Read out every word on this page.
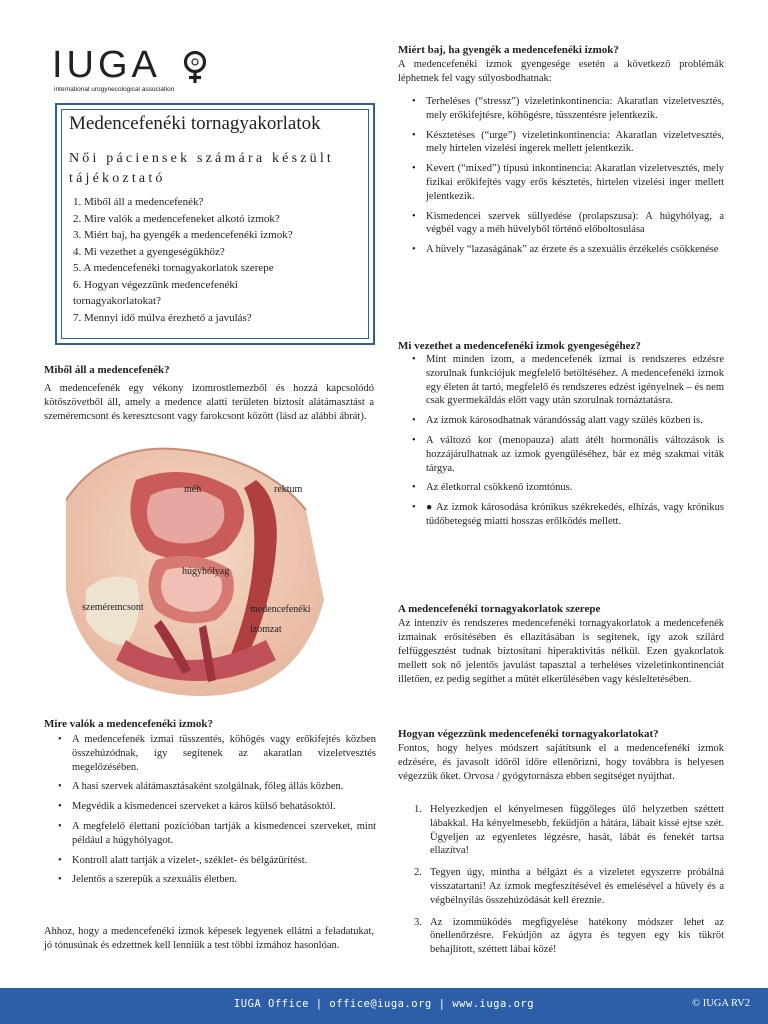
IUGA
international urogynecological association
Medencefenéki tornagyakorlatok
Női páciensek számára készült tájékoztató
1. Miből áll a medencefenék?
2. Mire valók a medencefeneket alkotó izmok?
3. Miért baj, ha gyengék a medencefenéki izmok?
4. Mi vezethet a gyengeségükhöz?
5. A medencefenéki tornagyakorlatok szerepe
6. Hogyan végezzünk medencefenéki
tornagyakorlatokat?
7. Mennyi idő múlva érezhető a javulás?
Miből áll a medencefenék?

A medencefenék egy vékony izomrostlemezből és hozzá kapcsolódó kötőszövetből áll, amely a medence alatti területen biztosít alátámasztást a szeméremcsont és keresztcsont vagy farokcsont között (lásd az alábbi ábrát).

méh	rektum
húgyhólyag
szeméremcsont	medencefenéki
izomzat
Mire valók a medencefenéki izmok?
• A medencefenék izmai tüsszentés, köhögés vagy erőkifejtés közben összehúzódnak, így segítenek az akaratlan vizeletvesztés megelőzésében.
• A hasi szervek alátámasztásaként szolgálnak, főleg állás közben.
• Megvédik a kismedencei szerveket a káros külső behatásoktól.
• A megfelelő élettani pozícióban tartják a kismedencei szerveket, mint például a húgyhólyagot.
• Kontroll alatt tartják a vizelet-, széklet- és bélgázürítést.
• Jelentős a szerepük a szexuális életben.

Ahhoz, hogy a medencefenéki izmok képesek legyenek ellátni a feladatukat, jó tónusúnak és edzettnek kell lenniük a test többi izmához hasonlóan.

Miért baj, ha gyengék a medencefenéki izmok?

A medencefenéki izmok gyengesége esetén a következő problémák léphetnek fel vagy súlyosbodhatnak:

• Terheléses (“stressz”) vizeletinkontinencia: Akaratlan vizeletvesztés, mely erőkifejtésre, köhögésre, tüsszentésre jelentkezik.
• Késztetéses (“urge”) vizeletinkontinencia: Akaratlan vizeletvesztés, mely hirtelen vizelési ingerek mellett jelentkezik.
• Kevert (“mixed”) típusú inkontinencia: Akaratlan vizeletvesztés, mely fizikai erőkifejtés vagy erős késztetés, hirtelen vizelési inger mellett jelentkezik.
• Kismedencei szervek süllyedése (prolapszusa): A húgyhólyag, a végbél vagy a méh hüvelyből történő előboltosulása
• A hüvely “lazaságának” az érzete és a szexuális érzékelés csökkenése
Mi vezethet a medencefenéki izmok gyengeségéhez?
• Mint minden izom, a medencefenék izmai is rendszeres edzésre szorulnak funkciójuk megfelelő betöltéséhez. A medencefenéki izmok egy életen át tartó, megfelelő és rendszeres edzést igényelnek – és nem csak gyermekáldás előtt vagy után szorulnak tornáztatásra.
• Az izmok károsodhatnak várandósság alatt vagy szülés közben is.
• A változó kor (menopauza) alatt átélt hormonális változások is hozzájárulhatnak az izmok gyengüléséhez, bár ez még szakmai viták tárgya.
• Az életkorral csökkenő izomtónus.
• ● Az izmok károsodása krónikus székrekedés, elhízás, vagy krónikus tüdőbetegség miatti hosszas erőlködés mellett.
A medencefenéki tornagyakorlatok szerepe

Az intenzív és rendszeres medencefenéki tornagyakorlatok a medencefenék izmainak erősítésében és ellazításában is segítenek, így azok szilárd felfüggesztést tudnak biztosítani hiperaktivitás nélkül. Ezen gyakorlatok mellett sok nő jelentős javulást tapasztal a terheléses vizeletinkontinenciát illetően, ez pedig segíthet a műtét elkerülésében vagy késleltetésében.

Hogyan végezzünk medencefenéki tornagyakorlatokat?

Fontos, hogy helyes módszert sajátítsunk el a medencefenéki izmok edzésére, és javasolt időről időre ellenőrizni, hogy továbbra is helyesen végezzük őket. Orvosa / gyógytornásza ebben segítséget nyújthat.

1. Helyezkedjen el kényelmesen függőleges ülő helyzetben széttett lábakkal. Ha kényelmesebb, feküdjön a hátára, lábait kissé ejtse szét. Ügyeljen az egyenletes légzésre, hasát, lábát és fenekét tartsa ellazítva!
2. Tegyen úgy, mintha a bélgázt és a vizeletet egyszerre próbálná visszatartani! Az izmok megfeszítésével és emelésével a hüvely és a végbélnyílás összehúzódását kell éreznie.
3. Az izommüködés megfigyelése hatékony módszer lehet az önellenőrzésre. Fekúdjön az ágyra és tegyen egy kis tükröt behajlított, széttett lábai közé!
IUGA Office | office@iuga.org | www.iuga.org	© IUGA RV2
